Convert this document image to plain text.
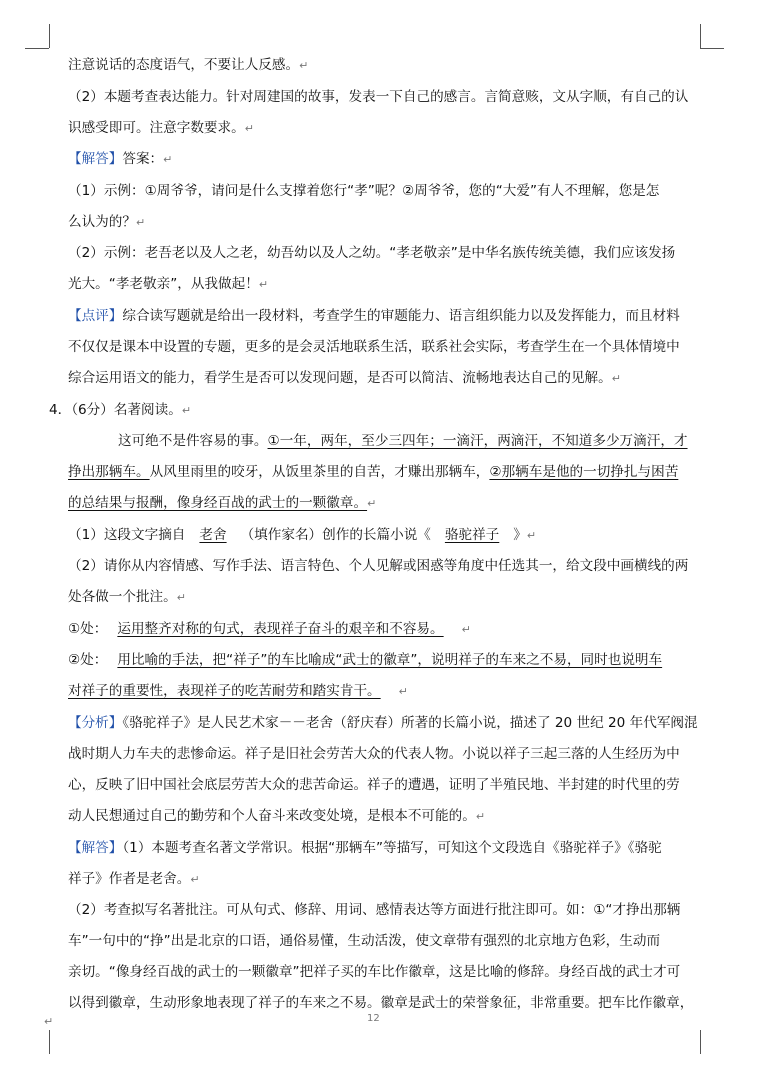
注意说话的态度语气，不要让人反感。↵
（2）本题考查表达能力。针对周建国的故事，发表一下自己的感言。言简意赅，文从字顺，有自己的认
识感受即可。注意字数要求。↵
【解答】答案：↵
（1）示例：①周爷爷，请问是什么支撑着您行“孝”呢？②周爷爷，您的“大爱”有人不理解，您是怎
么认为的？↵
（2）示例：老吾老以及人之老，幼吾幼以及人之幼。“孝老敬亲”是中华名族传统美德，我们应该发扬
光大。“孝老敬亲”，从我做起！↵
【点评】综合读写题就是给出一段材料，考查学生的审题能力、语言组织能力以及发挥能力，而且材料
不仅仅是课本中设置的专题，更多的是会灵活地联系生活，联系社会实际，考查学生在一个具体情境中
综合运用语文的能力，看学生是否可以发现问题，是否可以简洁、流畅地表达自己的见解。↵
4．（6分）名著阅读。↵
这可绝不是件容易的事。①一年，两年，至少三四年；一滴汗，两滴汗，不知道多少万滴汗，才
挣出那辆车。从风里雨里的咬牙，从饭里茶里的自苦，才赚出那辆车，②那辆车是他的一切挣扎与困苦
的总结果与报酬，像身经百战的武士的一颗徽章。↵
（1）这段文字摘自 老舍 （填作家名）创作的长篇小说《 骆驼祥子 》↵
（2）请你从内容情感、写作手法、语言特色、个人见解或困惑等角度中任选其一，给文段中画横线的两
处各做一个批注。↵
①处： 运用整齐对称的句式，表现祥子奋斗的艰辛和不容易。 ↵
②处： 用比喻的手法，把“祥子”的车比喻成“武士的徽章”，说明祥子的车来之不易，同时也说明车
对祥子的重要性，表现祥子的吃苦耐劳和踏实肯干。 ↵
【分析】《骆驼祥子》是人民艺术家－－老舍（舒庆春）所著的长篇小说，描述了 20 世纪 20 年代军阀混
战时期人力车夫的悲惨命运。祥子是旧社会劳苦大众的代表人物。小说以祥子三起三落的人生经历为中
心，反映了旧中国社会底层劳苦大众的悲苦命运。祥子的遭遇，证明了半殖民地、半封建的时代里的劳
动人民想通过自己的勤劳和个人奋斗来改变处境，是根本不可能的。↵
【解答】（1）本题考查名著文学常识。根据“那辆车”等描写，可知这个文段选自《骆驼祥子》《骆驼
祥子》作者是老舍。↵
（2）考查拟写名著批注。可从句式、修辞、用词、感情表达等方面进行批注即可。如：①“才挣出那辆
车”一句中的“挣”出是北京的口语，通俗易懂，生动活泼，使文章带有强烈的北京地方色彩，生动而
亲切。“像身经百战的武士的一颗徽章”把祥子买的车比作徽章，这是比喻的修辞。身经百战的武士才可
以得到徽章，生动形象地表现了祥子的车来之不易。徽章是武士的荣誉象征，非常重要。把车比作徽章，
↵	12
